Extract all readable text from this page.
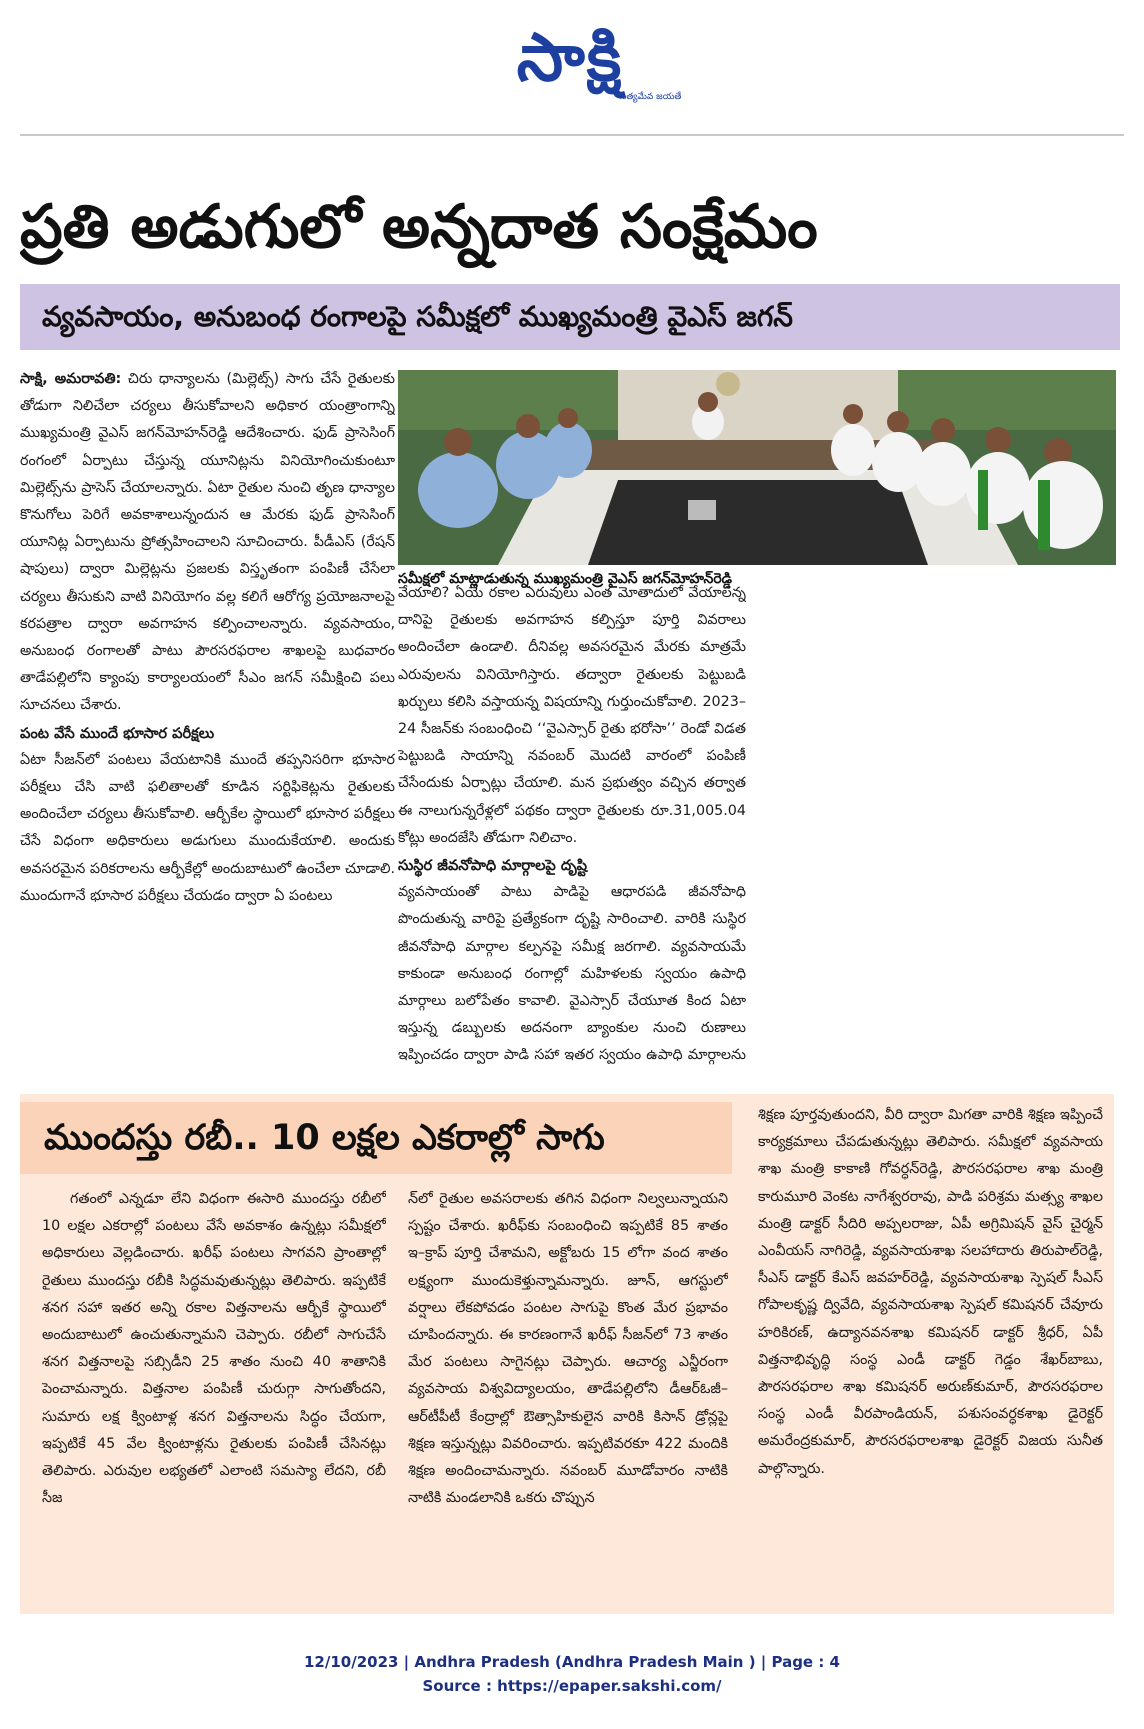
సాక్షి
సత్యమేవ జయతే
ప్రతి అడుగులో అన్నదాత సంక్షేమం
వ్యవసాయం, అనుబంధ రంగాలపై సమీక్షలో ముఖ్యమంత్రి వైఎస్ జగన్

సాక్షి, అమరావతి: చిరు ధాన్యాలను (మిల్లెట్స్) సాగు చేసే రైతులకు తోడుగా నిలిచేలా చర్యలు తీసుకోవాలని అధికార యంత్రాంగాన్ని ముఖ్యమంత్రి వైఎస్ జగన్‌మోహన్‌రెడ్డి ఆదేశించారు. ఫుడ్ ప్రాసెసింగ్ రంగంలో ఏర్పాటు చేస్తున్న యూనిట్లను వినియోగించుకుంటూ మిల్లెట్స్‌ను ప్రాసెస్ చేయాలన్నారు. ఏటా రైతుల నుంచి తృణ ధాన్యాల కొనుగోలు పెరిగే అవకాశాలున్నందున ఆ మేరకు ఫుడ్ ప్రాసెసింగ్ యూనిట్ల ఏర్పాటును ప్రోత్సహించాలని సూచించారు. పీడీఎస్ (రేషన్ షాపులు) ద్వారా మిల్లెట్లను ప్రజలకు విస్తృతంగా పంపిణీ చేసేలా చర్యలు తీసుకుని వాటి వినియోగం వల్ల కలిగే ఆరోగ్య ప్రయోజనాలపై కరపత్రాల ద్వారా అవగాహన కల్పించాలన్నారు. వ్యవసాయం, అనుబంధ రంగాలతో పాటు పౌరసరఫరాల శాఖలపై బుధవారం తాడేపల్లిలోని క్యాంపు కార్యాలయంలో సీఎం జగన్ సమీక్షించి పలు సూచనలు చేశారు.

పంట వేసే ముందే భూసార పరీక్షలు

ఏటా సీజన్‌లో పంటలు వేయటానికి ముందే తప్పనిసరిగా భూసార పరీక్షలు చేసి వాటి ఫలితాలతో కూడిన సర్టిఫికెట్లను రైతులకు అందించేలా చర్యలు తీసుకోవాలి. ఆర్బీకేల స్థాయిలో భూసార పరీక్షలు చేసే విధంగా అధికారులు అడుగులు ముందుకేయాలి. అందుకు అవసరమైన పరికరాలను ఆర్బీకేల్లో అందుబాటులో ఉంచేలా చూడాలి. ముందుగానే భూసార పరీక్షలు చేయడం ద్వారా ఏ పంటలు

సమీక్షలో మాట్లాడుతున్న ముఖ్యమంత్రి వైఎస్ జగన్‌మోహన్‌రెడ్డి

వేయాలి? ఏయే రకాల ఎరువులు ఎంత మోతాదులో వేయాలన్న దానిపై రైతులకు అవగాహన కల్పిస్తూ పూర్తి వివరాలు అందించేలా ఉండాలి. దీనివల్ల అవసరమైన మేరకు మాత్రమే ఎరువులను వినియోగిస్తారు. తద్వారా రైతులకు పెట్టుబడి ఖర్చులు కలిసి వస్తాయన్న విషయాన్ని గుర్తుంచుకోవాలి. 2023–24 సీజన్‌కు సంబంధించి ‘‘వైఎస్సార్ రైతు భరోసా’’ రెండో విడత పెట్టుబడి సాయాన్ని నవంబర్ మొదటి వారంలో పంపిణీ చేసేందుకు ఏర్పాట్లు చేయాలి. మన ప్రభుత్వం వచ్చిన తర్వాత ఈ నాలుగున్నరేళ్లలో పథకం ద్వారా రైతులకు రూ.31,005.04 కోట్లు అందజేసి తోడుగా నిలిచాం.

సుస్థిర జీవనోపాధి మార్గాలపై దృష్టి

వ్యవసాయంతో పాటు పాడిపై ఆధారపడి జీవనోపాధి పొందుతున్న వారిపై ప్రత్యేకంగా దృష్టి సారించాలి. వారికి సుస్థిర జీవనోపాధి మార్గాల కల్పనపై సమీక్ష జరగాలి. వ్యవసాయమే కాకుండా అనుబంధ రంగాల్లో మహిళలకు స్వయం ఉపాధి మార్గాలు బలోపేతం కావాలి. వైఎస్సార్ చేయూత కింద ఏటా ఇస్తున్న డబ్బులకు అదనంగా బ్యాంకుల నుంచి రుణాలు ఇప్పించడం ద్వారా పాడి సహా ఇతర స్వయం ఉపాధి మార్గాలను

ముందస్తు రబీ.. 10 లక్షల ఎకరాల్లో సాగు

గతంలో ఎన్నడూ లేని విధంగా ఈసారి ముందస్తు రబీలో 10 లక్షల ఎకరాల్లో పంటలు వేసే అవకాశం ఉన్నట్లు సమీక్షలో అధికారులు వెల్లడించారు. ఖరీఫ్ పంటలు సాగవని ప్రాంతాల్లో రైతులు ముందస్తు రబీకి సిద్ధమవుతున్నట్లు తెలిపారు. ఇప్పటికే శనగ సహా ఇతర అన్ని రకాల విత్తనాలను ఆర్బీకే స్థాయిలో అందుబాటులో ఉంచుతున్నామని చెప్పారు. రబీలో సాగుచేసే శనగ విత్తనాలపై సబ్సిడీని 25 శాతం నుంచి 40 శాతానికి పెంచామన్నారు. విత్తనాల పంపిణీ చురుగ్గా సాగుతోందని, సుమారు లక్ష క్వింటాళ్ల శనగ విత్తనాలను సిద్ధం చేయగా, ఇప్పటికే 45 వేల క్వింటాళ్లను రైతులకు పంపిణీ చేసినట్లు తెలిపారు. ఎరువుల లభ్యతలో ఎలాంటి సమస్యా లేదని, రబీ సీజ

న్‌లో రైతుల అవసరాలకు తగిన విధంగా నిల్వలున్నాయని స్పష్టం చేశారు. ఖరీఫ్‌కు సంబంధించి ఇప్పటికే 85 శాతం ఇ–క్రాప్ పూర్తి చేశామని, అక్టోబరు 15 లోగా వంద శాతం లక్ష్యంగా ముందుకెళ్తున్నామన్నారు. జూన్, ఆగస్టులో వర్షాలు లేకపోవడం పంటల సాగుపై కొంత మేర ప్రభావం చూపిందన్నారు. ఈ కారణంగానే ఖరీఫ్ సీజన్‌లో 73 శాతం మేర పంటలు సాగైనట్లు చెప్పారు. ఆచార్య ఎన్జీరంగా వ్యవసాయ విశ్వవిద్యాలయం, తాడేపల్లిలోని డీఆర్‌ఓజీ– ఆర్‌టీపీటీ కేంద్రాల్లో ఔత్సాహికులైన వారికి కిసాన్ డ్రోన్లపై శిక్షణ ఇస్తున్నట్లు వివరించారు. ఇప్పటివరకూ 422 మందికి శిక్షణ అందించామన్నారు. నవంబర్ మూడోవారం నాటికి నాటికి మండలానికి ఒకరు చొప్పున

శిక్షణ పూర్తవుతుందని, వీరి ద్వారా మిగతా వారికి శిక్షణ ఇప్పించే కార్యక్రమాలు చేపడుతున్నట్లు తెలిపారు. సమీక్షలో వ్యవసాయ శాఖ మంత్రి కాకాణి గోవర్ధన్‌రెడ్డి, పౌరసరఫరాల శాఖ మంత్రి కారుమూరి వెంకట నాగేశ్వరరావు, పాడి పరిశ్రమ మత్స్య శాఖల మంత్రి డాక్టర్ సీదిరి అప్పలరాజు, ఏపీ అగ్రిమిషన్ వైస్ చైర్మన్ ఎంవీయస్ నాగిరెడ్డి, వ్యవసాయశాఖ సలహాదారు తిరుపాల్‌రెడ్డి, సీఎస్ డాక్టర్ కేఎస్ జవహర్‌రెడ్డి, వ్యవసాయశాఖ స్పెషల్ సీఎస్ గోపాలకృష్ణ ద్వివేది, వ్యవసాయశాఖ స్పెషల్ కమిషనర్ చేవూరు హరికిరణ్, ఉద్యానవనశాఖ కమిషనర్ డాక్టర్ శ్రీధర్, ఏపీ విత్తనాభివృద్ధి సంస్థ ఎండీ డాక్టర్ గెడ్డం శేఖర్‌బాబు, పౌరసరఫరాల శాఖ కమిషనర్ అరుణ్‌కుమార్, పౌరసరఫరాల సంస్థ ఎండీ వీరపాండియన్, పశుసంవర్ధకశాఖ డైరెక్టర్ అమరేంద్రకుమార్, పౌరసరఫరాలశాఖ డైరెక్టర్ విజయ సునీత పాల్గొన్నారు.

12/10/2023 | Andhra Pradesh (Andhra Pradesh Main ) | Page : 4
Source : https://epaper.sakshi.com/
